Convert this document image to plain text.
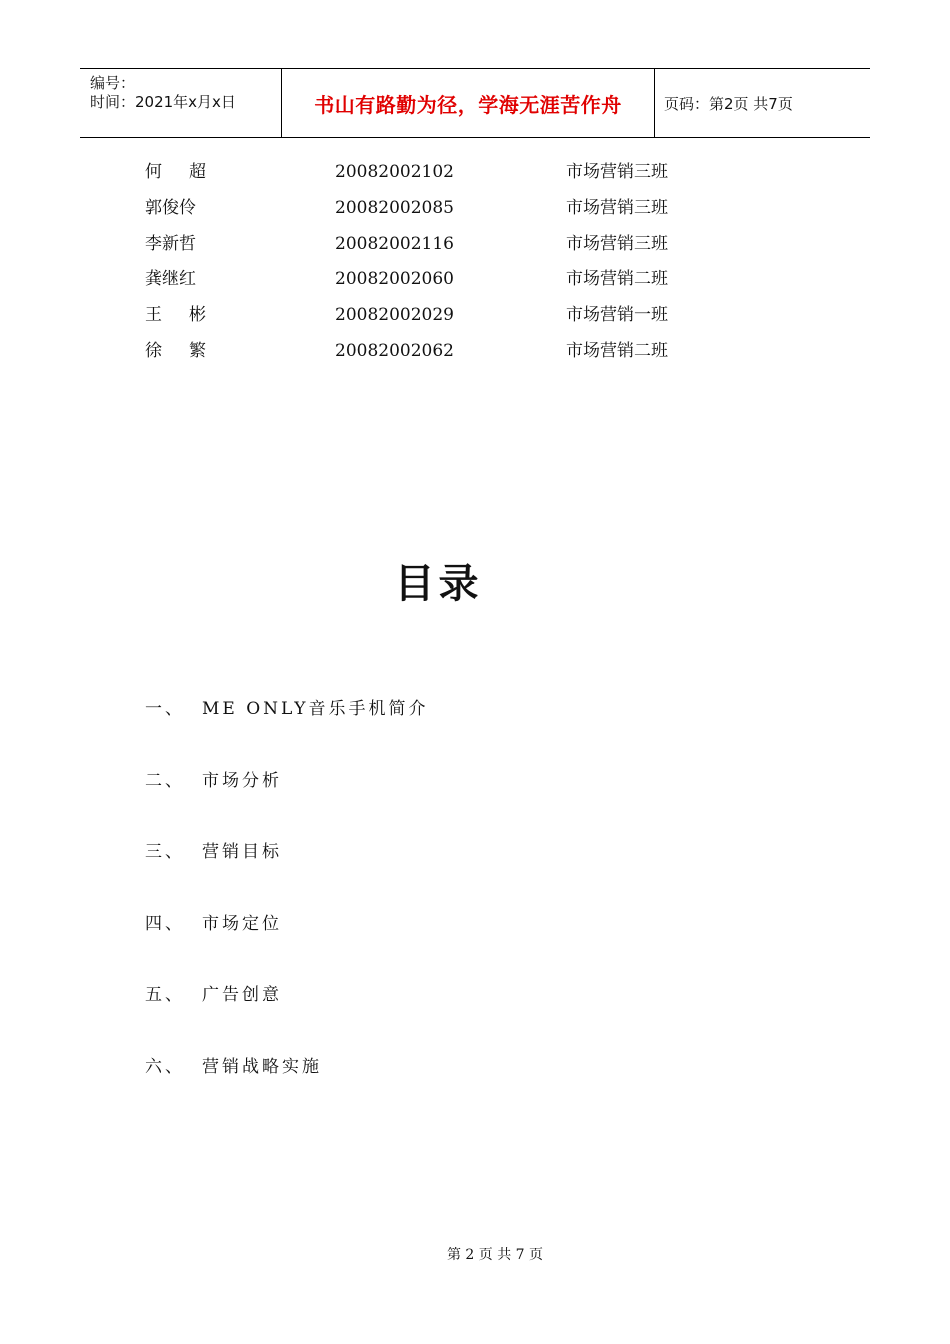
编号：
时间：2021年x月x日	书山有路勤为径，学海无涯苦作舟	页码：第2页 共7页
何超	20082002102	市场营销三班
郭俊伶	20082002085	市场营销三班
李新哲	20082002116	市场营销三班
龚继红	20082002060	市场营销二班
王彬	20082002029	市场营销一班
徐繁	20082002062	市场营销二班
目录
一、 ME ONLY音乐手机简介
二、 市场分析
三、 营销目标
四、 市场定位
五、 广告创意
六、 营销战略实施
第 2 页 共 7 页
